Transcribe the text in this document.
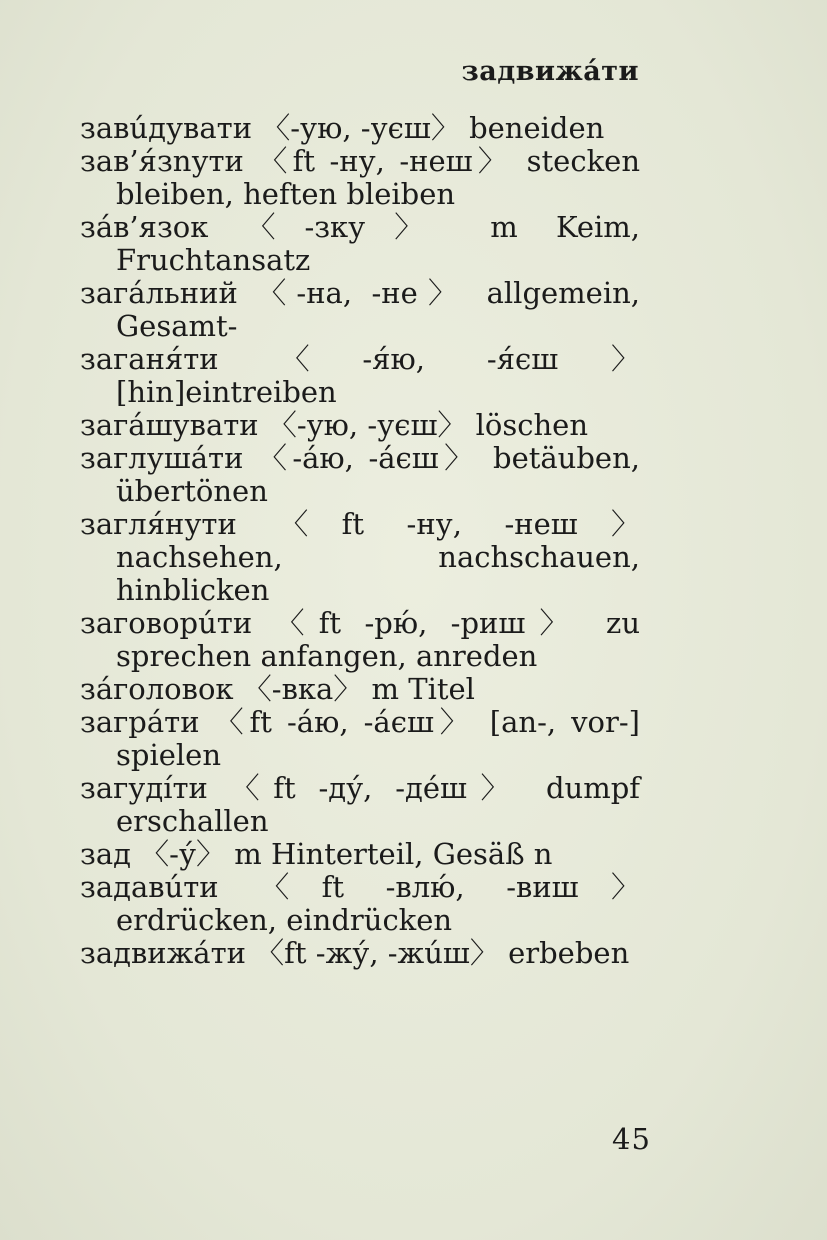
задвижáти

завúдувати 〈-ую, -уєш〉 beneiden

зав’я́зnути 〈ft -ну, -неш〉 stecken bleiben, heften bleiben

зáв’язок 〈-зку〉 m Keim, Fruchtansatz

загáльний 〈-на, -не〉 allgemein, Gesamt-

заганя́ти 〈-я́ю, -я́єш〉 [hin]eintreiben

загáшувати 〈-ую, -уєш〉 löschen

заглушáти 〈-áю, -áєш〉 betäuben, übertönen

загля́нути 〈ft -ну, -неш〉 nachsehen, nachschauen, hinblicken

заговорúти 〈ft -рю́, -риш〉 zu sprechen anfangen, anreden

зáголовок 〈-вка〉 m Titel

загрáти 〈ft -áю, -áєш〉 [an-, vor-] spielen

загудíти 〈ft -ду́, -дéш〉 dumpf erschallen

зад 〈-у́〉 m Hinterteil, Gesäß n

задавúти 〈ft -влю́, -виш〉 erdrücken, eindrücken

задвижáти 〈ft -жу́, -жúш〉 erbeben

45
